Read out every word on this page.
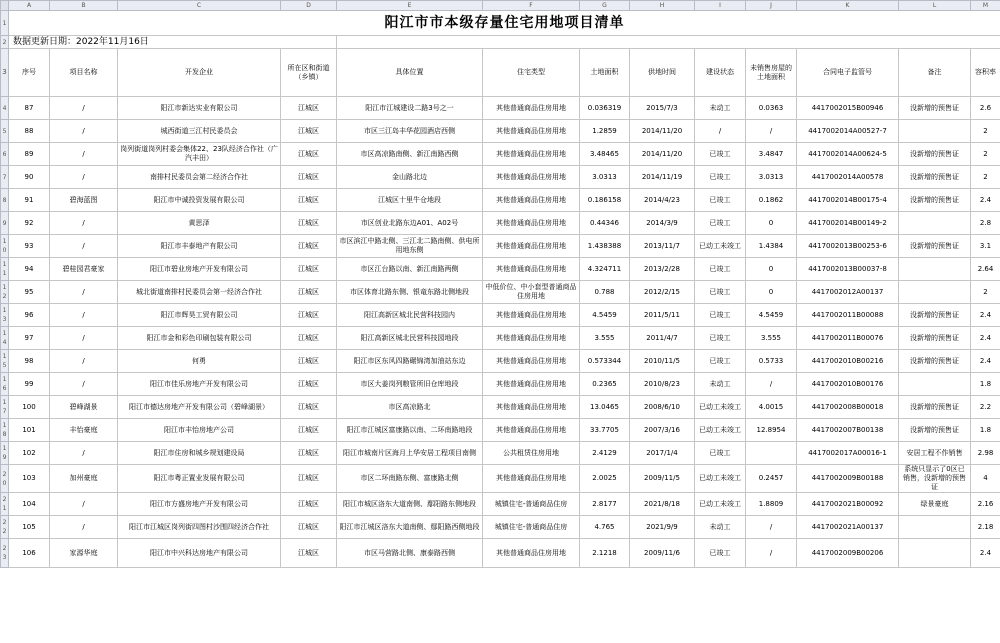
	A	B	C	D	E	F	G	H	I	J	K	L	M
1	阳江市市本级存量住宅用地项目清单												
2	数据更新日期：2022年11月16日												
3	序号	项目名称	开发企业	所在区和街道（乡镇）	具体位置	住宅类型	土地面积	供地时间	建设状态	未销售房屋的土地面积	合同电子监管号	备注	容积率
4	87	/	阳江市新达实业有限公司	江城区	阳江市江城建设二路3号之一	其他普通商品住房用地	0.036319	2015/7/3	未动工	0.0363	4417002015B00946	没新增的预售证	2.6
5	88	/	城西街道三江村民委员会	江城区	市区三江岛丰华花园酒店西侧	其他普通商品住房用地	1.2859	2014/11/20	/	/	4417002014A00527-7		2
6	89	/	岗列街道岗列村委会集体22、23队经济合作社（广汽丰田）	江城区	市区高凉路南侧、新江南路西侧	其他普通商品住房用地	3.48465	2014/11/20	已竣工	3.4847	4417002014A00624-5	没新增的预售证	2
7	90	/	南排村民委员会第二经济合作社	江城区	金山路北边	其他普通商品住房用地	3.0313	2014/11/19	已竣工	3.0313	4417002014A00578	没新增的预售证	2
8	91	碧海蓝图	阳江市中诚投资发展有限公司	江城区	江城区十里牛仓地段	其他普通商品住房用地	0.186158	2014/4/23	已竣工	0.1862	4417002014B00175-4	没新增的预售证	2.4
9	92	/	黄思泽	江城区	市区创业北路东边A01、A02号	其他普通商品住房用地	0.44346	2014/3/9	已竣工	0	4417002014B00149-2		2.8
10	93	/	阳江市丰泰地产有限公司	江城区	市区滨江中路北侧、三江北二路南侧、供电所用地东侧	其他普通商品住房用地	1.438388	2013/11/7	已动工未竣工	1.4384	4417002013B00253-6	没新增的预售证	3.1
11	94	碧桂园君豪家	阳江市碧业房地产开发有限公司	江城区	市区江台路以南、新江南路两侧	其他普通商品住房用地	4.324711	2013/2/28	已竣工	0	4417002013B00037-8		2.64
12	95	/	城北街道南排村民委员会第一经济合作社	江城区	市区体育北路东侧、银竜东路北侧地段	中低价位、中小套型普通商品住房用地	0.788	2012/2/15	已竣工	0	4417002012A00137		2
13	96	/	阳江市辉昊工贸有限公司	江城区	阳江高新区城北民营科技园内	其他普通商品住房用地	4.5459	2011/5/11	已竣工	4.5459	4417002011B00088	没新增的预售证	2.4
14	97	/	阳江市金和彩色印刷包装有限公司	江城区	阳江高新区城北民营科技园地段	其他普通商品住房用地	3.555	2011/4/7	已竣工	3.555	4417002011B00076	没新增的预售证	2.4
15	98	/	何勇	江城区	阳江市区东风四路碾锦湾加油站东边	其他普通商品住房用地	0.573344	2010/11/5	已竣工	0.5733	4417002010B00216	没新增的预售证	2.4
16	99	/	阳江市佳乐房地产开发有限公司	江城区	市区大姜岗列粮管所旧仓库地段	其他普通商品住房用地	0.2365	2010/8/23	未动工	/	4417002010B00176		1.8
17	100	碧峰湖景	阳江市德达房地产开发有限公司（碧峰湖景）	江城区	市区高凉路北	其他普通商品住房用地	13.0465	2008/6/10	已动工未竣工	4.0015	4417002008B00018	没新增的预售证	2.2
18	101	丰怡豪庭	阳江市丰怡房地产公司	江城区	阳江市江城区富康路以南、二环南路地段	其他普通商品住房用地	33.7705	2007/3/16	已动工未竣工	12.8954	4417002007B00138	没新增的预售证	1.8
19	102	/	阳江市住房和城乡规划建设局	江城区	阳江市城南片区海月上华安居工程项目南侧	公共租赁住房用地	2.4129	2017/1/4	已竣工		4417002017A00016-1	安居工程不作销售	2.98
20	103	加州豪庭	阳江市粤正置业发展有限公司	江城区	市区二环南路东侧、富康路北侧	其他普通商品住房用地	2.0025	2009/11/5	已动工未竣工	0.2457	4417002009B00188	系统只显示了0区已销售，没新增的预售证	4
21	104	/	阳江市方盛房地产开发有限公司	江城区	阳江市城区洛东大道南侧、鄢阳路东侧地段	城镇住宅-普通商品住房	2.8177	2021/8/18	已动工未竣工	1.8809	4417002021B00092	绿景豪庭	2.16
22	105	/	阳江市江城区岗列街四图村沙围四经济合作社	江城区	阳江市江城区洛东大道南侧、鄢阳路西侧地段	城镇住宅-普通商品住房	4.765	2021/9/9	未动工	/	4417002021A00137		2.18
23	106	家源华庭	阳江市中兴科达房地产有限公司	江城区	市区马营路北侧、康泰路西侧	其他普通商品住房用地	2.1218	2009/11/6	已竣工	/	4417002009B00206		2.4
